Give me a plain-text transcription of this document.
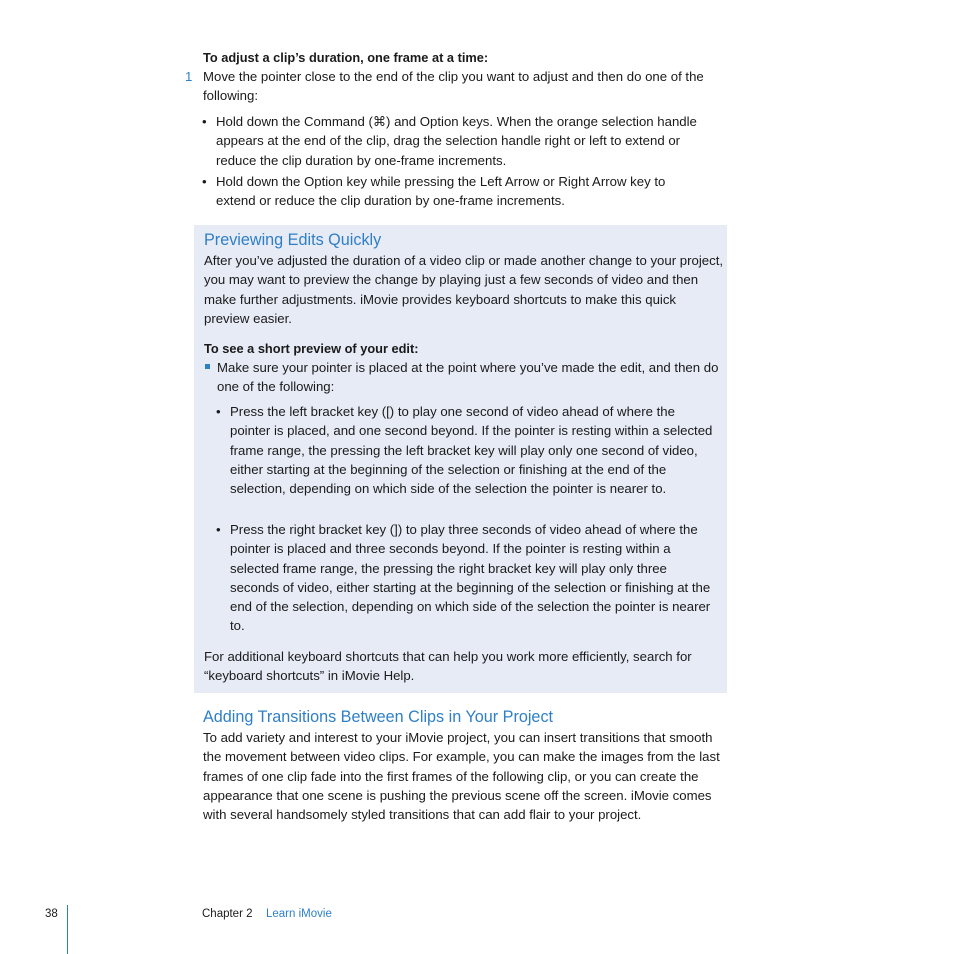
To adjust a clip’s duration, one frame at a time:

1 Move the pointer close to the end of the clip you want to adjust and then do one of the following:

• Hold down the Command (⌘) and Option keys. When the orange selection handle appears at the end of the clip, drag the selection handle right or left to extend or reduce the clip duration by one-frame increments.
• Hold down the Option key while pressing the Left Arrow or Right Arrow key to extend or reduce the clip duration by one-frame increments.
Previewing Edits Quickly

After you’ve adjusted the duration of a video clip or made another change to your project, you may want to preview the change by playing just a few seconds of video and then make further adjustments. iMovie provides keyboard shortcuts to make this quick preview easier.

To see a short preview of your edit:

Make sure your pointer is placed at the point where you’ve made the edit, and then do one of the following:

• Press the left bracket key ([) to play one second of video ahead of where the pointer is placed, and one second beyond. If the pointer is resting within a selected frame range, the pressing the left bracket key will play only one second of video, either starting at the beginning of the selection or finishing at the end of the selection, depending on which side of the selection the pointer is nearer to.
• Press the right bracket key (]) to play three seconds of video ahead of where the pointer is placed and three seconds beyond. If the pointer is resting within a selected frame range, the pressing the right bracket key will play only three seconds of video, either starting at the beginning of the selection or finishing at the end of the selection, depending on which side of the selection the pointer is nearer to.

For additional keyboard shortcuts that can help you work more efficiently, search for “keyboard shortcuts” in iMovie Help.

Adding Transitions Between Clips in Your Project

To add variety and interest to your iMovie project, you can insert transitions that smooth the movement between video clips. For example, you can make the images from the last frames of one clip fade into the first frames of the following clip, or you can create the appearance that one scene is pushing the previous scene off the screen. iMovie comes with several handsomely styled transitions that can add flair to your project.

38	Chapter 2 Learn iMovie
